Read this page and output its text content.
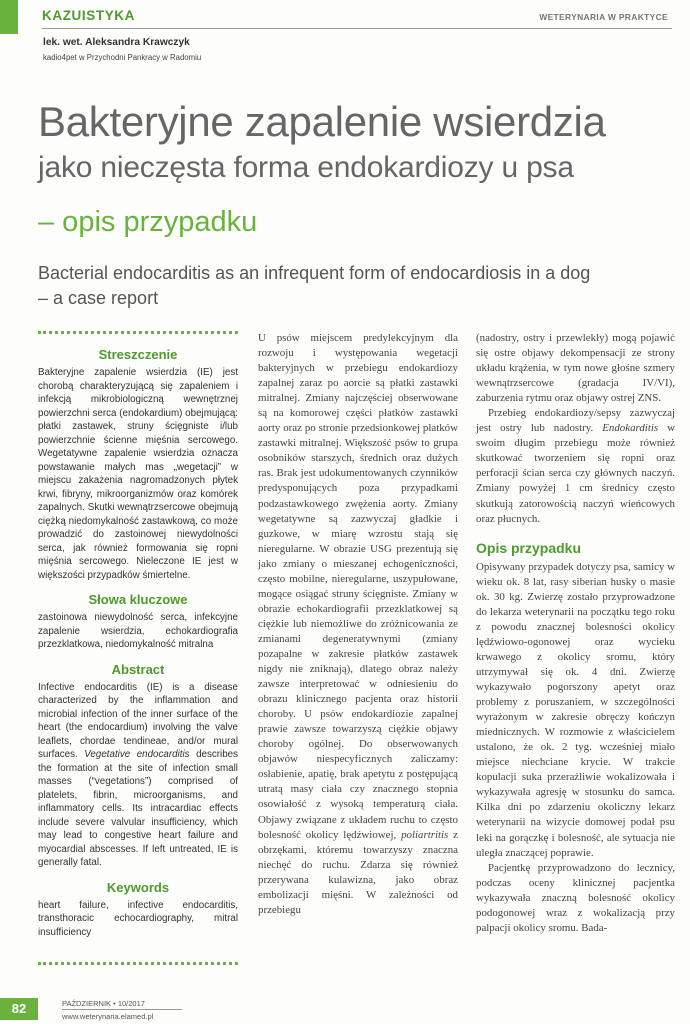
KAZUISTYKA	WETERYNARIA W PRAKTYCE
lek. wet. Aleksandra Krawczyk
kadio4pet w Przychodni Pankracy w Radomiu
Bakteryjne zapalenie wsierdzia
jako nieczęsta forma endokardiozy u psa
– opis przypadku
Bacterial endocarditis as an infrequent form of endocardiosis in a dog
– a case report
Streszczenie
Bakteryjne zapalenie wsierdzia (IE) jest chorobą charakteryzującą się zapaleniem i infekcją mikrobiologiczną wewnętrznej powierzchni serca (endokardium) obejmującą: płatki zastawek, struny ścięgniste i/lub powierzchnie ścienne mięśnia sercowego. Wegetatywne zapalenie wsierdzia oznacza powstawanie małych mas „wegetacji” w miejscu zakażenia nagromadzonych płytek krwi, fibryny, mikroorganizmów oraz komórek zapalnych. Skutki wewnątrzsercowe obejmują ciężką niedomykalność zastawkową, co może prowadzić do zastoinowej niewydolności serca, jak również formowania się ropni mięśnia sercowego. Nieleczone IE jest w większości przypadków śmiertelne.
Słowa kluczowe
zastoinowa niewydolność serca, infekcyjne zapalenie wsierdzia, echokardiografia przezklatkowa, niedomykalność mitralna
Abstract
Infective endocarditis (IE) is a disease characterized by the inflammation and microbial infection of the inner surface of the heart (the endocardium) involving the valve leaflets, chordae tendineae, and/or mural surfaces. Vegetative endocarditis describes the formation at the site of infection small masses (“vegetations”) comprised of platelets, fibrin, microorganisms, and inflammatory cells. Its intracardiac effects include severe valvular insufficiency, which may lead to congestive heart failure and myocardial abscesses. If left untreated, IE is generally fatal.
Keywords
heart failure, infective endocarditis, transthoracic echocardiography, mitral insufficiency

U psów miejscem predylekcyjnym dla rozwoju i występowania wegetacji bakteryjnych w przebiegu endokardiozy zapalnej zaraz po aorcie są płatki zastawki mitralnej. Zmiany najczęściej obserwowane są na komorowej części płatków zastawki aorty oraz po stronie przedsionkowej płatków zastawki mitralnej. Większość psów to grupa osobników starszych, średnich oraz dużych ras. Brak jest udokumentowanych czynników predysponujących poza przypadkami podzastawkowego zwężenia aorty. Zmiany wegetatywne są zazwyczaj gładkie i guzkowe, w miarę wzrostu stają się nieregularne. W obrazie USG prezentują się jako zmiany o mieszanej echogeniczności, często mobilne, nieregularne, uszypułowane, mogące osiągać struny ścięgniste. Zmiany w obrazie echokardiografii przezklatkowej są ciężkie lub niemożliwe do zróżnicowania ze zmianami degeneratywnymi (zmiany pozapalne w zakresie płatków zastawek nigdy nie zniknają), dlatego obraz należy zawsze interpretować w odniesieniu do obrazu klinicznego pacjenta oraz historii choroby. U psów endokardiozie zapalnej prawie zawsze towarzyszą ciężkie objawy choroby ogólnej. Do obserwowanych objawów niespecyficznych zaliczamy: osłabienie, apatię, brak apetytu z postępującą utratą masy ciała czy znacznego stopnia osowiałość z wysoką temperaturą ciała. Objawy związane z układem ruchu to często bolesność okolicy lędźwiowej, poliartritis z obrzękami, któremu towarzyszy znaczna niechęć do ruchu. Zdarza się również przerywana kulawizna, jako obraz embolizacji mięśni. W zależności od przebiegu

(nadostry, ostry i przewlekły) mogą pojawić się ostre objawy dekompensacji ze strony układu krążenia, w tym nowe głośne szmery wewnątrzsercowe (gradacja IV/VI), zaburzenia rytmu oraz objawy ostrej ZNS.

Przebieg endokardiozy/sepsy zazwyczaj jest ostry lub nadostry. Endokarditis w swoim długim przebiegu może również skutkować tworzeniem się ropni oraz perforacji ścian serca czy głównych naczyń. Zmiany powyżej 1 cm średnicy często skutkują zatorowością naczyń wieńcowych oraz płucnych.

Opis przypadku

Opisywany przypadek dotyczy psa, samicy w wieku ok. 8 lat, rasy siberian husky o masie ok. 30 kg. Zwierzę zostało przyprowadzone do lekarza weterynarii na początku tego roku z powodu znacznej bolesności okolicy lędźwiowo-ogonowej oraz wycieku krwawego z okolicy sromu, który utrzymywał się ok. 4 dni. Zwierzę wykazywało pogorszony apetyt oraz problemy z poruszaniem, w szczególności wyrażonym w zakresie obręczy kończyn miednicznych. W rozmowie z właścicielem ustalono, że ok. 2 tyg. wcześniej miało miejsce niechciane krycie. W trakcie kopulacji suka przeraźliwie wokalizowała i wykazywała agresję w stosunku do samca. Kilka dni po zdarzeniu okoliczny lekarz weterynarii na wizycie domowej podał psu leki na gorączkę i bolesność, ale sytuacja nie uległa znaczącej poprawie.

Pacjentkę przyprowadzono do lecznicy, podczas oceny klinicznej pacjentka wykazywała znaczną bolesność okolicy podogonowej wraz z wokalizacją przy palpacji okolicy sromu. Bada-

82	PAŹDZIERNIK • 10/2017
www.weterynaria.elamed.pl
